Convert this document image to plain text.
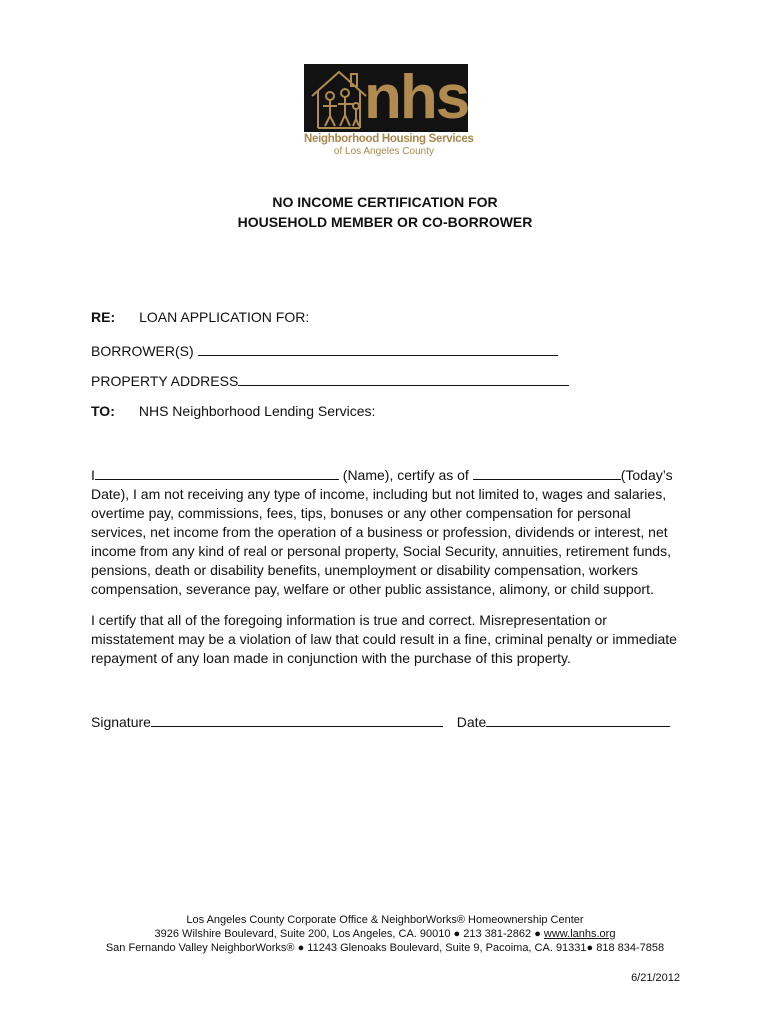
nhs
Neighborhood Housing Services
of Los Angeles County
NO INCOME CERTIFICATION FOR
HOUSEHOLD MEMBER OR CO-BORROWER
RE: LOAN APPLICATION FOR:
BORROWER(S)
PROPERTY ADDRESS
TO: NHS Neighborhood Lending Services:

I	(Name), certify as of	(Today’s

Date), I am not receiving any type of income, including but not limited to, wages and salaries,

overtime pay, commissions, fees, tips, bonuses or any other compensation for personal

services, net income from the operation of a business or profession, dividends or interest, net

income from any kind of real or personal property, Social Security, annuities, retirement funds,

pensions, death or disability benefits, unemployment or disability compensation, workers

compensation, severance pay, welfare or other public assistance, alimony, or child support.

I certify that all of the foregoing information is true and correct. Misrepresentation or

misstatement may be a violation of law that could result in a fine, criminal penalty or immediate

repayment of any loan made in conjunction with the purchase of this property.

Signature	Date
Los Angeles County Corporate Office & NeighborWorks® Homeownership Center
3926 Wilshire Boulevard, Suite 200, Los Angeles, CA. 90010 ● 213 381-2862 ● www.lanhs.org
San Fernando Valley NeighborWorks® ● 11243 Glenoaks Boulevard, Suite 9, Pacoima, CA. 91331● 818 834-7858
6/21/2012
